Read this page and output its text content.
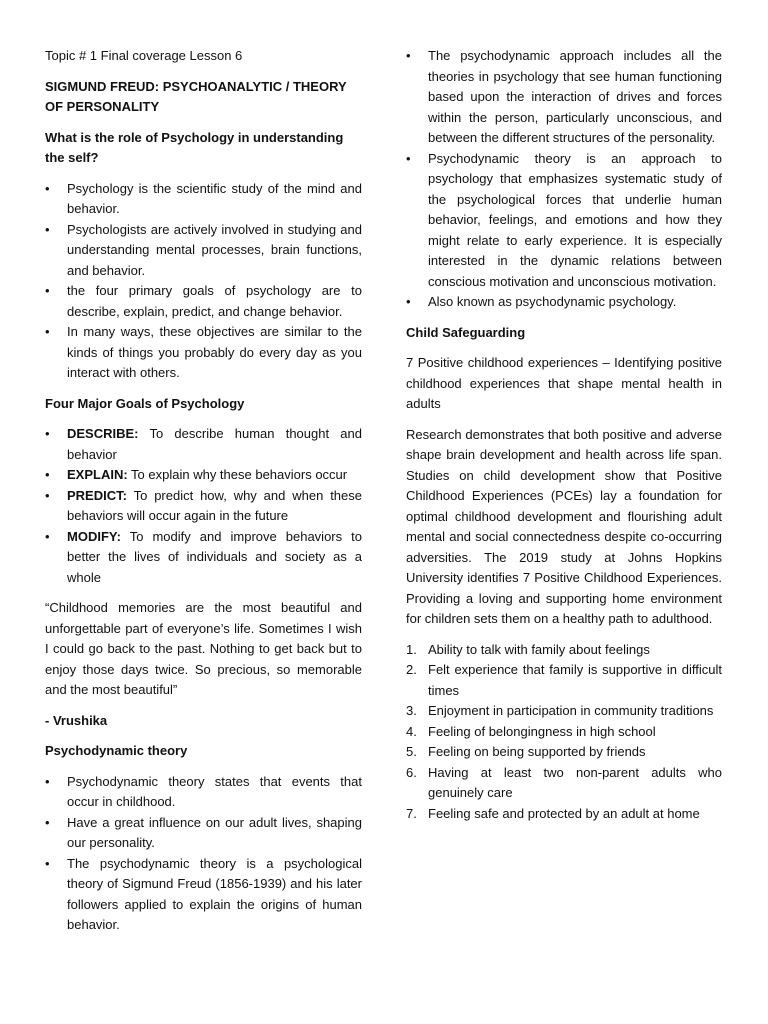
Topic # 1 Final coverage Lesson 6

SIGMUND FREUD: PSYCHOANALYTIC / THEORY OF PERSONALITY

What is the role of Psychology in understanding the self?

• Psychology is the scientific study of the mind and behavior.
• Psychologists are actively involved in studying and understanding mental processes, brain functions, and behavior.
• the four primary goals of psychology are to describe, explain, predict, and change behavior.
• In many ways, these objectives are similar to the kinds of things you probably do every day as you interact with others.

Four Major Goals of Psychology

• DESCRIBE: To describe human thought and behavior
• EXPLAIN: To explain why these behaviors occur
• PREDICT: To predict how, why and when these behaviors will occur again in the future
• MODIFY: To modify and improve behaviors to better the lives of individuals and society as a whole

“Childhood memories are the most beautiful and unforgettable part of everyone’s life. Sometimes I wish I could go back to the past. Nothing to get back but to enjoy those days twice. So precious, so memorable and the most beautiful”

- Vrushika

Psychodynamic theory

• Psychodynamic theory states that events that occur in childhood.
• Have a great influence on our adult lives, shaping our personality.
• The psychodynamic theory is a psychological theory of Sigmund Freud (1856-1939) and his later followers applied to explain the origins of human behavior.
• The psychodynamic approach includes all the theories in psychology that see human functioning based upon the interaction of drives and forces within the person, particularly unconscious, and between the different structures of the personality.
• Psychodynamic theory is an approach to psychology that emphasizes systematic study of the psychological forces that underlie human behavior, feelings, and emotions and how they might relate to early experience. It is especially interested in the dynamic relations between conscious motivation and unconscious motivation.
• Also known as psychodynamic psychology.

Child Safeguarding

7 Positive childhood experiences – Identifying positive childhood experiences that shape mental health in adults

Research demonstrates that both positive and adverse shape brain development and health across life span. Studies on child development show that Positive Childhood Experiences (PCEs) lay a foundation for optimal childhood development and flourishing adult mental and social connectedness despite co-occurring adversities. The 2019 study at Johns Hopkins University identifies 7 Positive Childhood Experiences. Providing a loving and supporting home environment for children sets them on a healthy path to adulthood.

1. Ability to talk with family about feelings
2. Felt experience that family is supportive in difficult times
3. Enjoyment in participation in community traditions
4. Feeling of belongingness in high school
5. Feeling on being supported by friends
6. Having at least two non-parent adults who genuinely care
7. Feeling safe and protected by an adult at home
